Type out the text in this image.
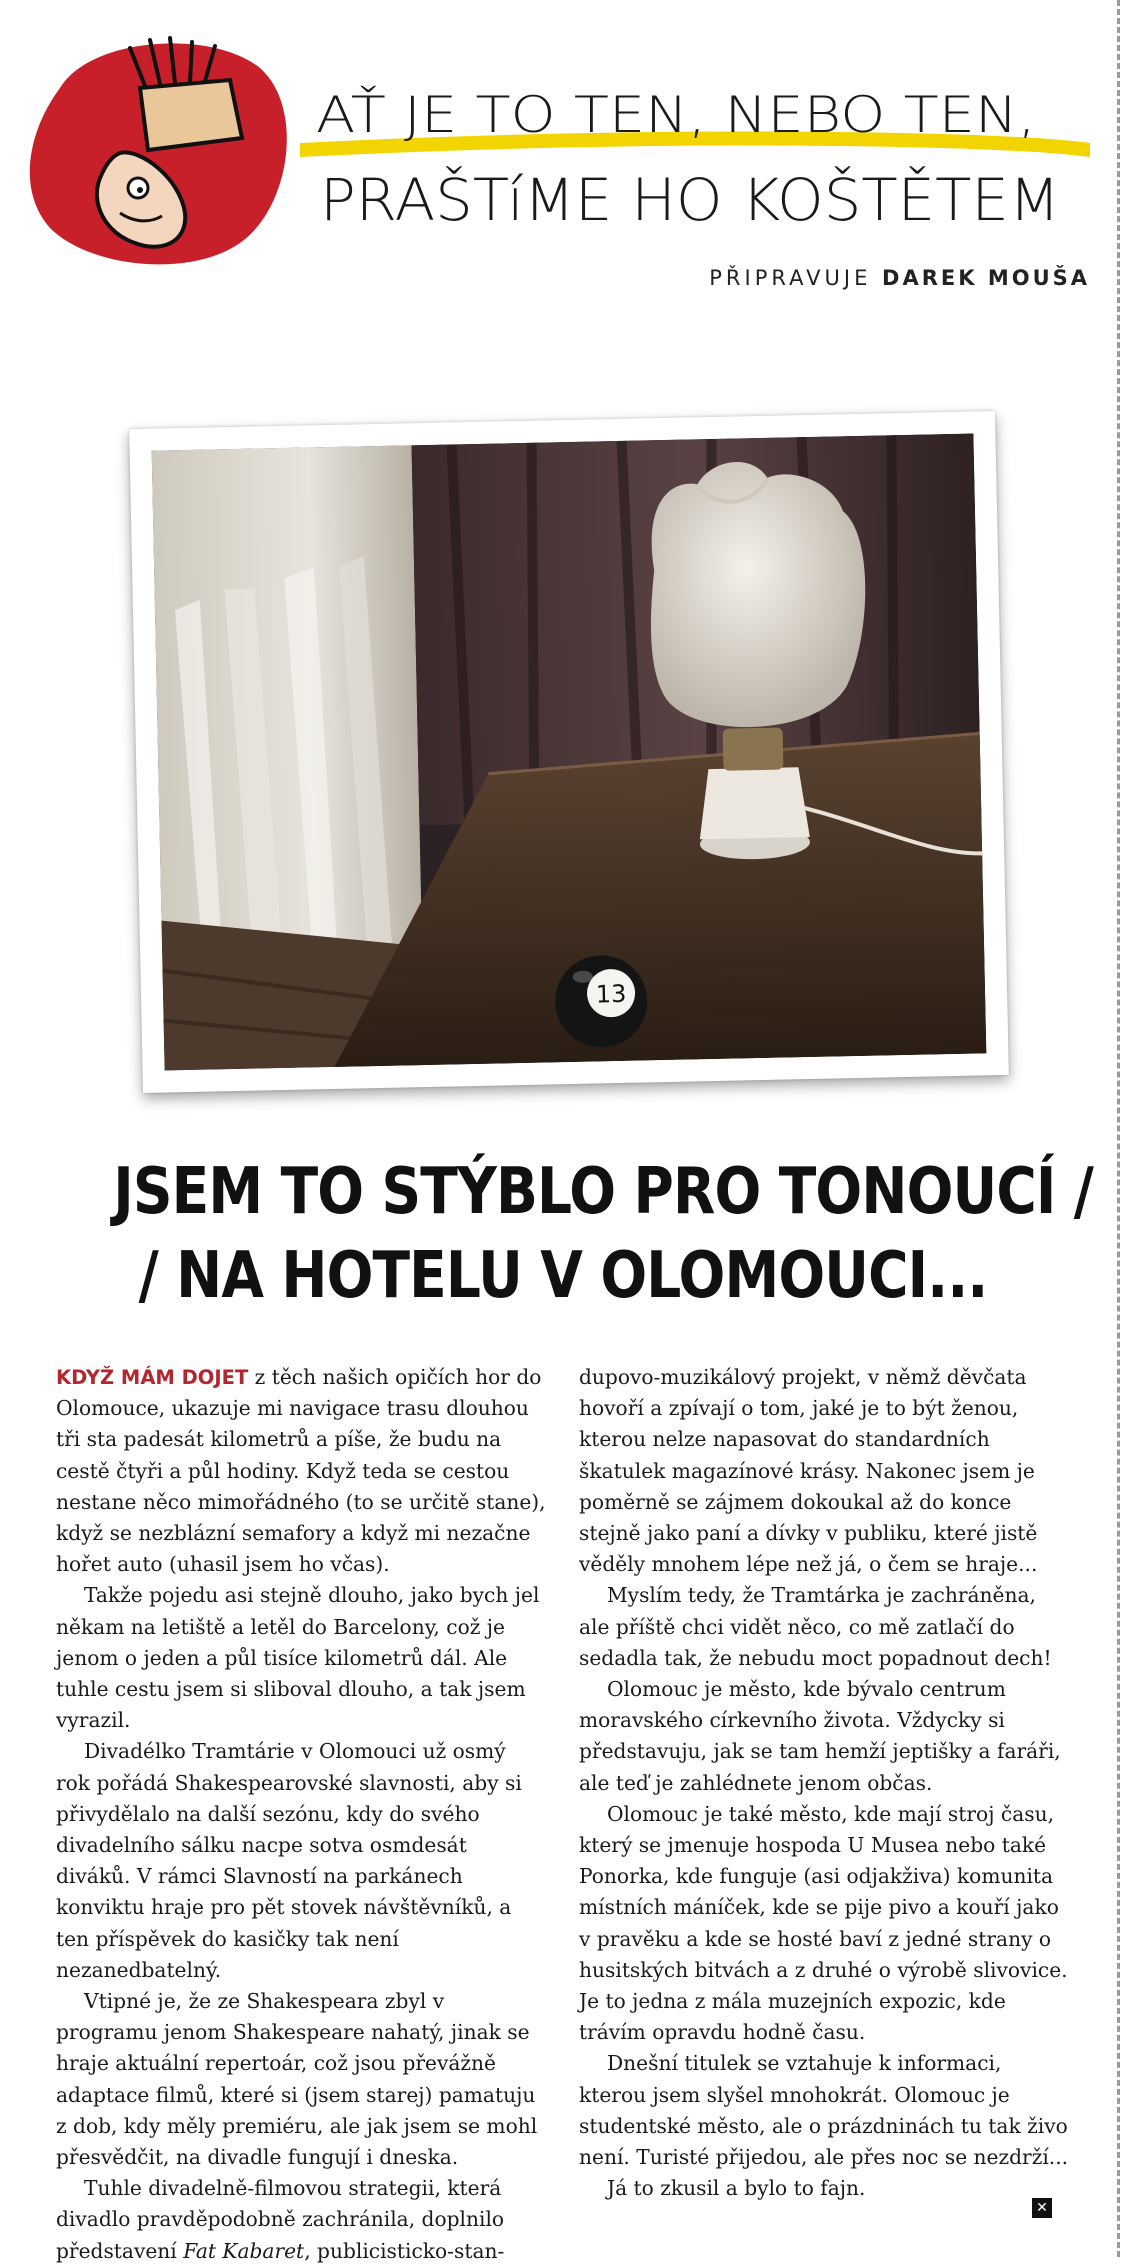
AŤ JE TO TEN, NEBO TEN,
PRAŠTíME HO KOŠTĚTEM
PŘIPRAVUJE DAREK MOUŠA
13
JSEM TO STÝBLO PRO TONOUCÍ /
/ NA HOTELU V OLOMOUCI...

KDYŽ MÁM DOJET z těch našich opičích hor do Olomouce, ukazuje mi navigace trasu dlouhou tři sta padesát kilometrů a píše, že budu na cestě čtyři a půl hodiny. Když teda se cestou nestane něco mimořádného (to se určitě stane), když se nezblázní semafory a když mi nezačne hořet auto (uhasil jsem ho včas).

Takže pojedu asi stejně dlouho, jako bych jel někam na letiště a letěl do Barcelony, což je jenom o jeden a půl tisíce kilometrů dál. Ale tuhle cestu jsem si sliboval dlouho, a tak jsem vyrazil.

Divadélko Tramtárie v Olomouci už osmý rok pořádá Shakespearovské slavnosti, aby si přivydělalo na další sezónu, kdy do svého divadelního sálku nacpe sotva osmdesát diváků. V rámci Slavností na parkánech konviktu hraje pro pět stovek návštěvníků, a ten příspěvek do kasičky tak není nezanedbatelný.

Vtipné je, že ze Shakespeara zbyl v programu jenom Shakespeare nahatý, jinak se hraje aktuální repertoár, což jsou převážně adaptace filmů, které si (jsem starej) pamatuju z dob, kdy měly premiéru, ale jak jsem se mohl přesvědčit, na divadle fungují i dneska.

Tuhle divadelně-filmovou strategii, která divadlo pravděpodobně zachránila, doplnilo představení Fat Kabaret, publicisticko-stan-

dupovo-muzikálový projekt, v němž děvčata hovoří a zpívají o tom, jaké je to být ženou, kterou nelze napasovat do standardních škatulek magazínové krásy. Nakonec jsem je poměrně se zájmem dokoukal až do konce stejně jako paní a dívky v publiku, které jistě věděly mnohem lépe než já, o čem se hraje...

Myslím tedy, že Tramtárka je zachráněna, ale příště chci vidět něco, co mě zatlačí do sedadla tak, že nebudu moct popadnout dech!

Olomouc je město, kde bývalo centrum moravského církevního života. Vždycky si představuju, jak se tam hemží jeptišky a faráři, ale teď je zahlédnete jenom občas.

Olomouc je také město, kde mají stroj času, který se jmenuje hospoda U Musea nebo také Ponorka, kde funguje (asi odjakživa) komunita místních máníček, kde se pije pivo a kouří jako v pravěku a kde se hosté baví z jedné strany o husitských bitvách a z druhé o výrobě slivovice. Je to jedna z mála muzejních expozic, kde trávím opravdu hodně času.

Dnešní titulek se vztahuje k informaci, kterou jsem slyšel mnohokrát. Olomouc je studentské město, ale o prázdninách tu tak živo není. Turisté přijedou, ale přes noc se nezdrží...

Já to zkusil a bylo to fajn.

✕
